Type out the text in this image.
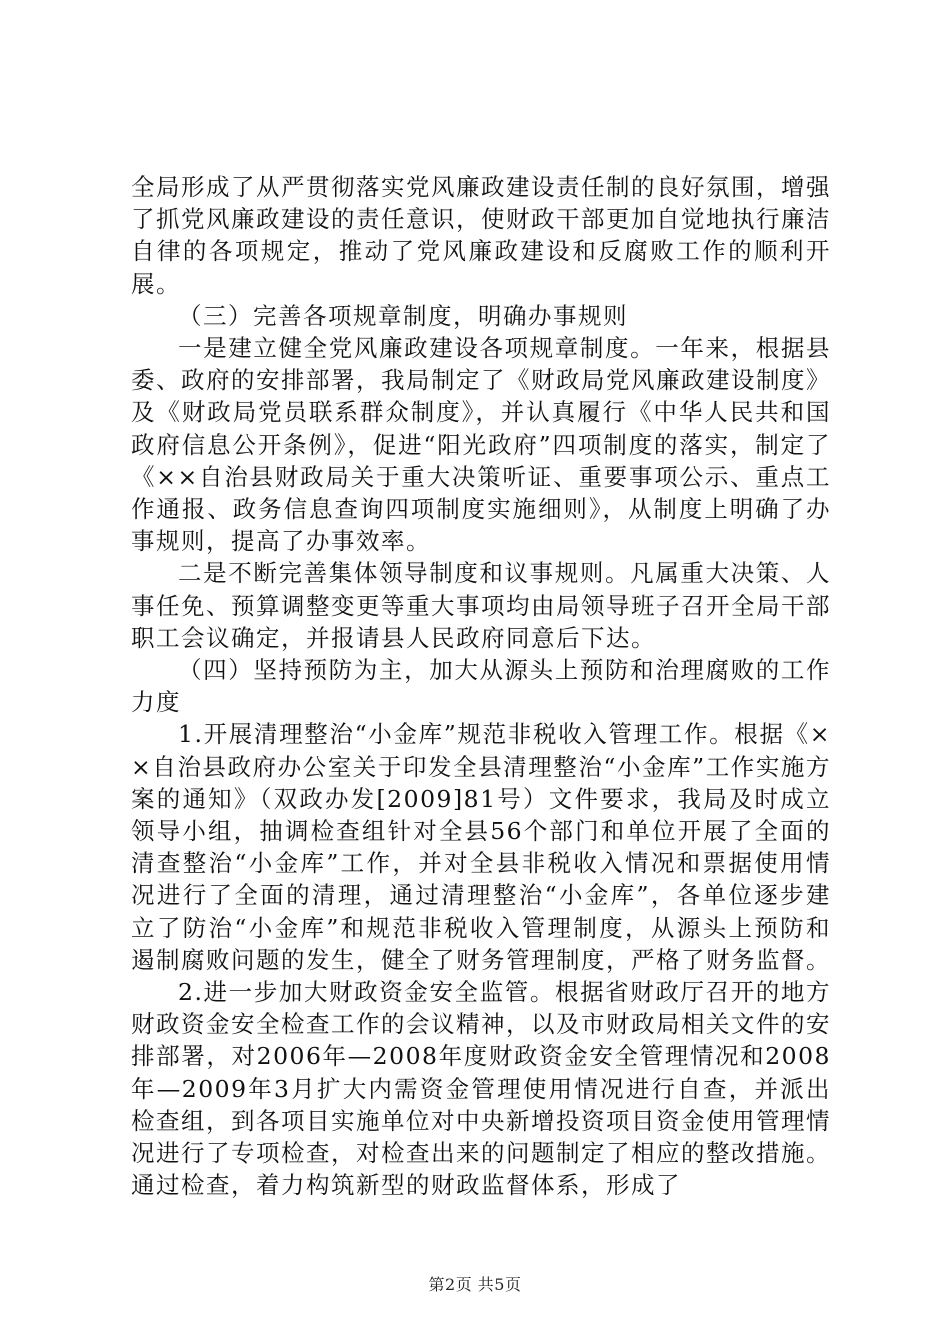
全局形成了从严贯彻落实党风廉政建设责任制的良好氛围，增强了抓党风廉政建设的责任意识，使财政干部更加自觉地执行廉洁自律的各项规定，推动了党风廉政建设和反腐败工作的顺利开展。

（三）完善各项规章制度，明确办事规则

一是建立健全党风廉政建设各项规章制度。一年来，根据县委、政府的安排部署，我局制定了《财政局党风廉政建设制度》及《财政局党员联系群众制度》，并认真履行《中华人民共和国政府信息公开条例》，促进“阳光政府”四项制度的落实，制定了《××自治县财政局关于重大决策听证、重要事项公示、重点工作通报、政务信息查询四项制度实施细则》，从制度上明确了办事规则，提高了办事效率。

二是不断完善集体领导制度和议事规则。凡属重大决策、人事任免、预算调整变更等重大事项均由局领导班子召开全局干部职工会议确定，并报请县人民政府同意后下达。

（四）坚持预防为主，加大从源头上预防和治理腐败的工作力度

1.开展清理整治“小金库”规范非税收入管理工作。根据《××自治县政府办公室关于印发全县清理整治“小金库”工作实施方案的通知》（双政办发[2009]81号）文件要求，我局及时成立领导小组，抽调检查组针对全县56个部门和单位开展了全面的清查整治“小金库”工作，并对全县非税收入情况和票据使用情况进行了全面的清理，通过清理整治“小金库”，各单位逐步建立了防治“小金库”和规范非税收入管理制度，从源头上预防和遏制腐败问题的发生，健全了财务管理制度，严格了财务监督。

2.进一步加大财政资金安全监管。根据省财政厅召开的地方财政资金安全检查工作的会议精神，以及市财政局相关文件的安排部署，对2006年—2008年度财政资金安全管理情况和2008年—2009年3月扩大内需资金管理使用情况进行自查，并派出检查组，到各项目实施单位对中央新增投资项目资金使用管理情况进行了专项检查，对检查出来的问题制定了相应的整改措施。通过检查，着力构筑新型的财政监督体系，形成了

第2页 共5页
